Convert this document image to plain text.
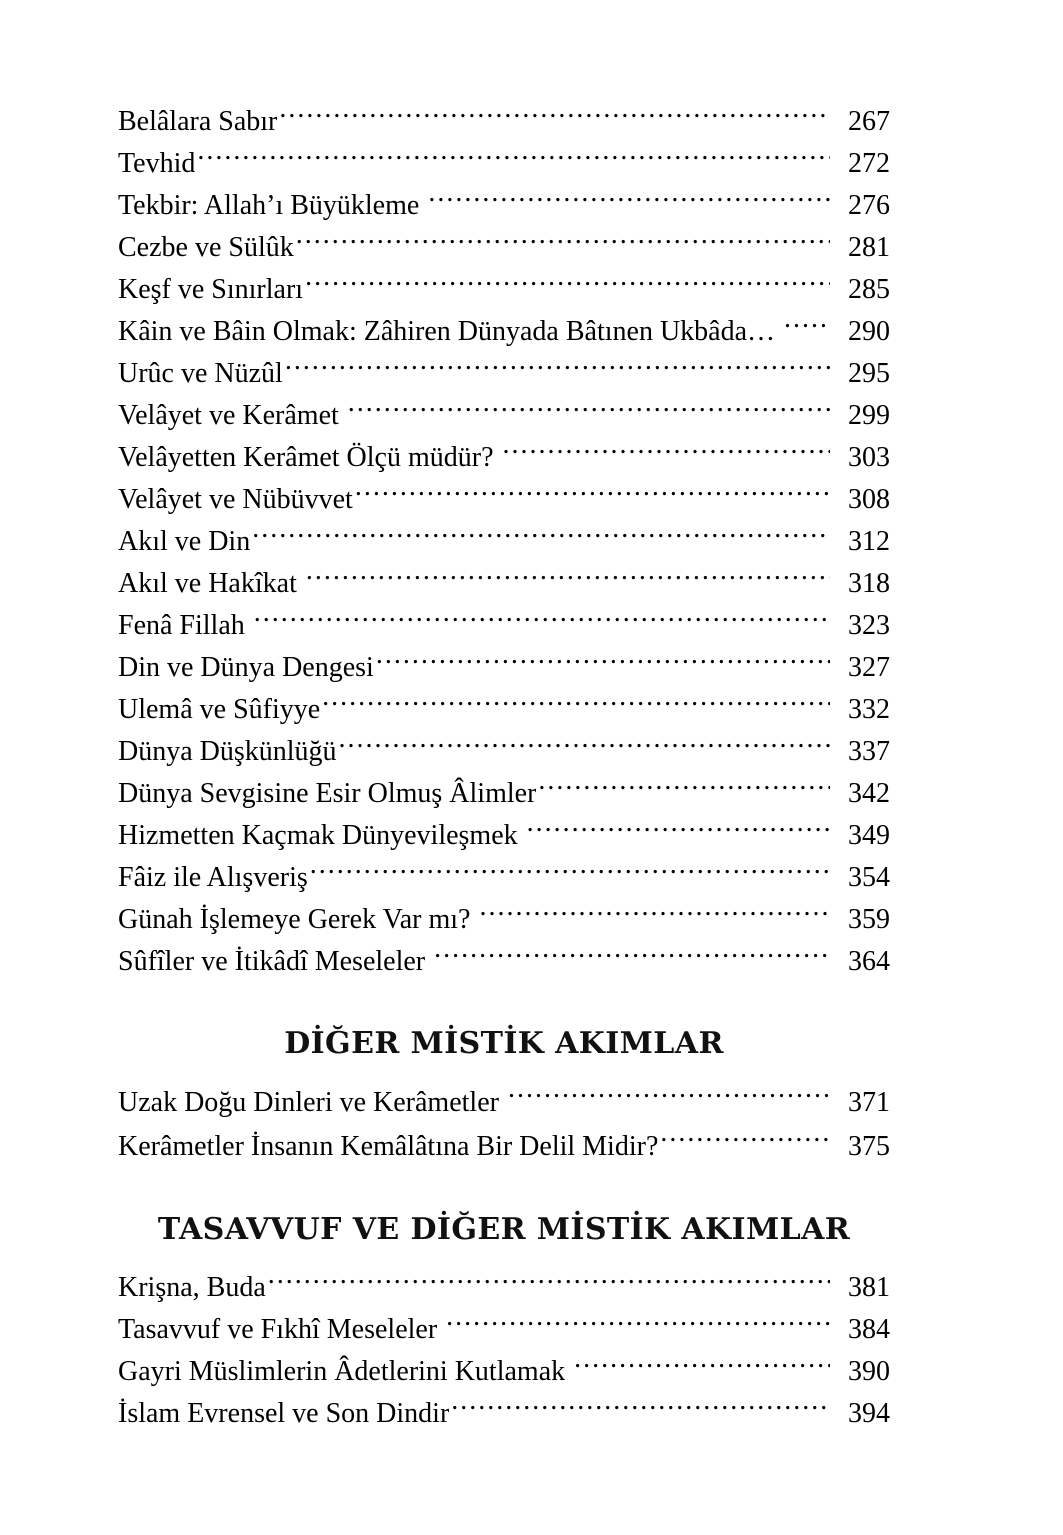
Belâlara Sabır .....	267
Tevhid .....	272
Tekbir: Allah’ı Büyükleme .....	276
Cezbe ve Sülûk .....	281
Keşf ve Sınırları .....	285
Kâin ve Bâin Olmak: Zâhiren Dünyada Bâtınen Ukbâda… .....	290
Urûc ve Nüzûl .....	295
Velâyet ve Kerâmet .....	299
Velâyetten Kerâmet Ölçü müdür? .....	303
Velâyet ve Nübüvvet .....	308
Akıl ve Din .....	312
Akıl ve Hakîkat .....	318
Fenâ Fillah .....	323
Din ve Dünya Dengesi .....	327
Ulemâ ve Sûfiyye .....	332
Dünya Düşkünlüğü .....	337
Dünya Sevgisine Esir Olmuş Âlimler .....	342
Hizmetten Kaçmak Dünyevileşmek .....	349
Fâiz ile Alışveriş .....	354
Günah İşlemeye Gerek Var mı? .....	359
Sûfîler ve İtikâdî Meseleler .....	364
DİĞER MİSTİK AKIMLAR
Uzak Doğu Dinleri ve Kerâmetler .....	371
Kerâmetler İnsanın Kemâlâtına Bir Delil Midir? .....	375
TASAVVUF VE DİĞER MİSTİK AKIMLAR
Krişna, Buda .....	381
Tasavvuf ve Fıkhî Meseleler .....	384
Gayri Müslimlerin Âdetlerini Kutlamak .....	390
İslam Evrensel ve Son Dindir .....	394
